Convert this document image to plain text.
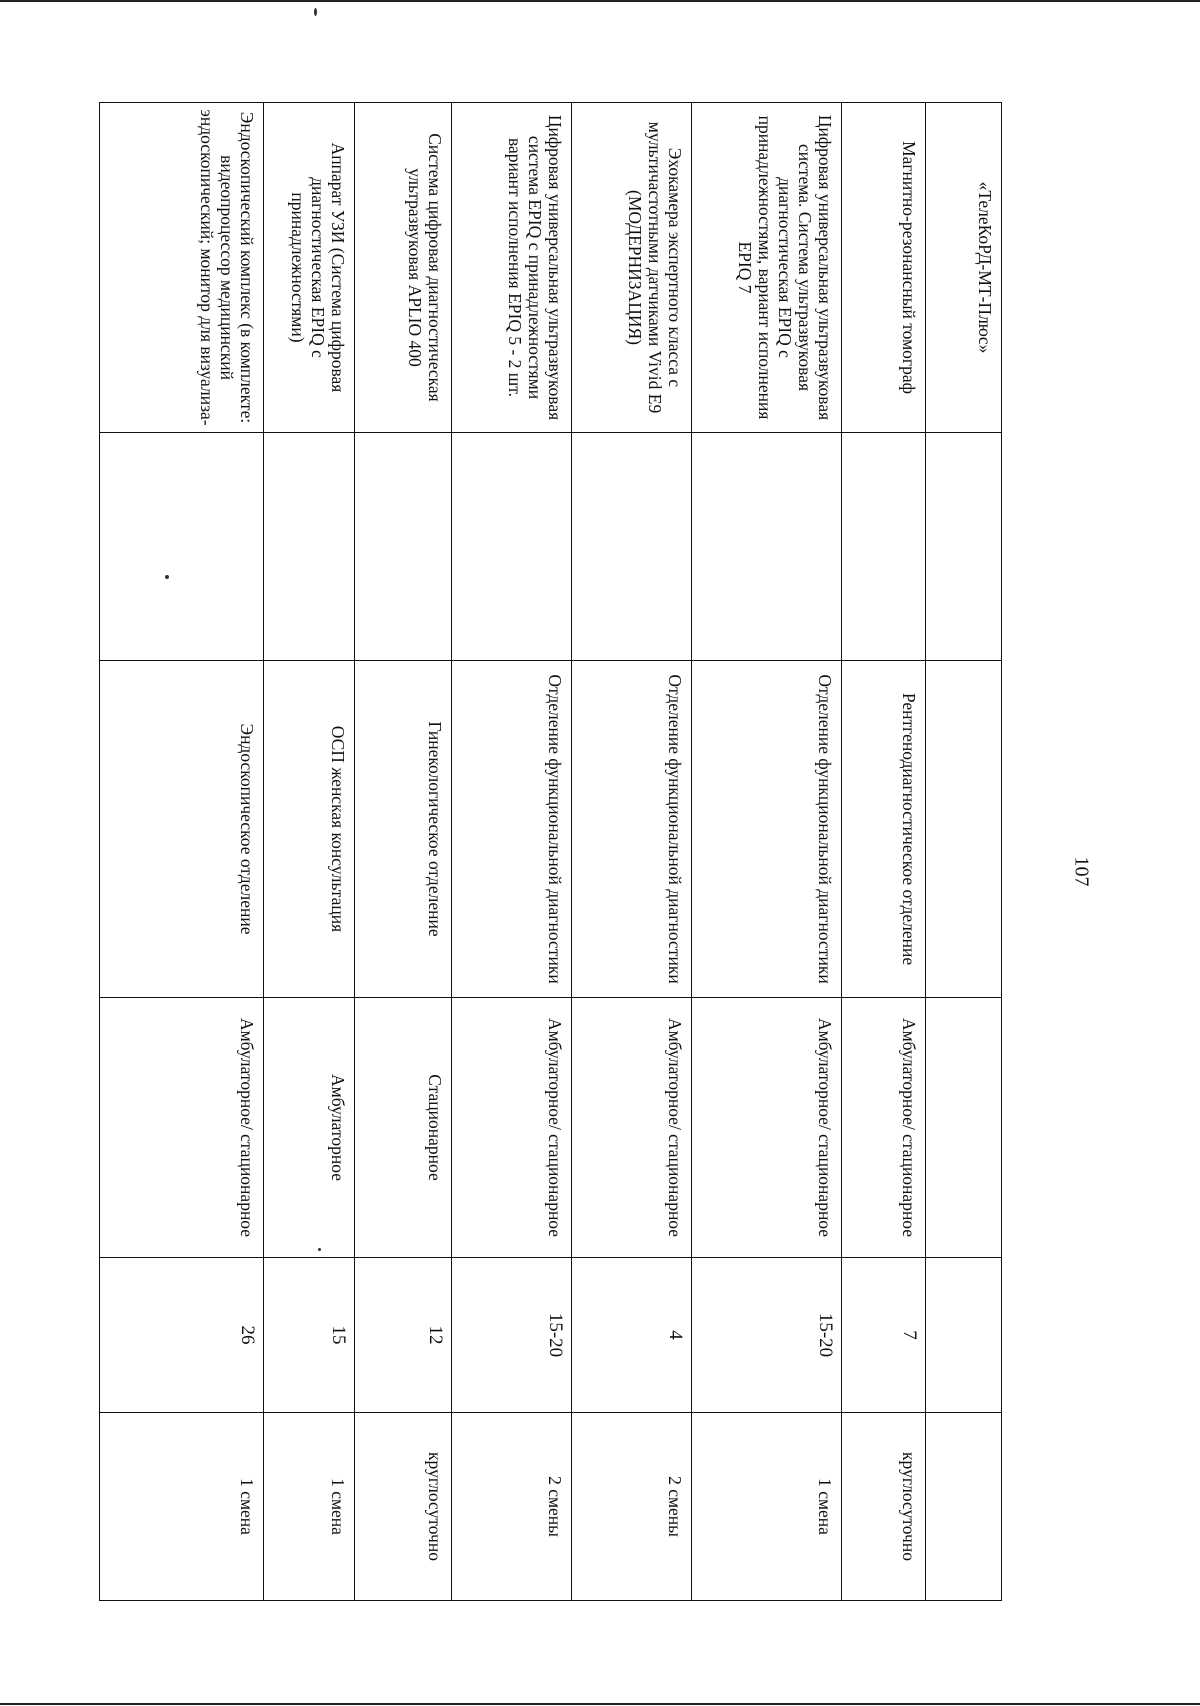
107
«ТелеКоРД-МТ-Плюс»					
Магнитно-резонансный томограф		Рентгенодиагностическое отделение	Амбулаторное/ стационарное	7	круглосуточно
Цифровая универсальная ультразвуковая система. Система ультразвуковая диагностическая EPIQ с принадлежностями, вариант исполнения EPIQ 7		Отделение функциональной диагностики	Амбулаторное/ стационарное	15-20	1 смена
Эхокамера экспертного класса с мультичастотными датчиками Vivid E9 (МОДЕРНИЗАЦИЯ)		Отделение функциональной диагностики	Амбулаторное/ стационарное	4	2 смены
Цифровая универсальная ультразвуковая система EPIQ с принадлежностями вариант исполнения EPIQ 5 - 2 шт.		Отделение функциональной диагностики	Амбулаторное/ стационарное	15-20	2 смены
Система цифровая диагностическая ультразвуковая APLIO 400		Гинекологическое отделение	Стационарное	12	круглосуточно
Аппарат УЗИ (Система цифровая диагностическая EPIQ с принадлежностями)		ОСП женская консультация	Амбулаторное	15	1 смена
Эндоскопический комплекс (в комплекте: видеопроцессор медицинский эндоскопический; монитор для визуализа-		Эндоскопическое отделение	Амбулаторное/ стационарное	26	1 смена
